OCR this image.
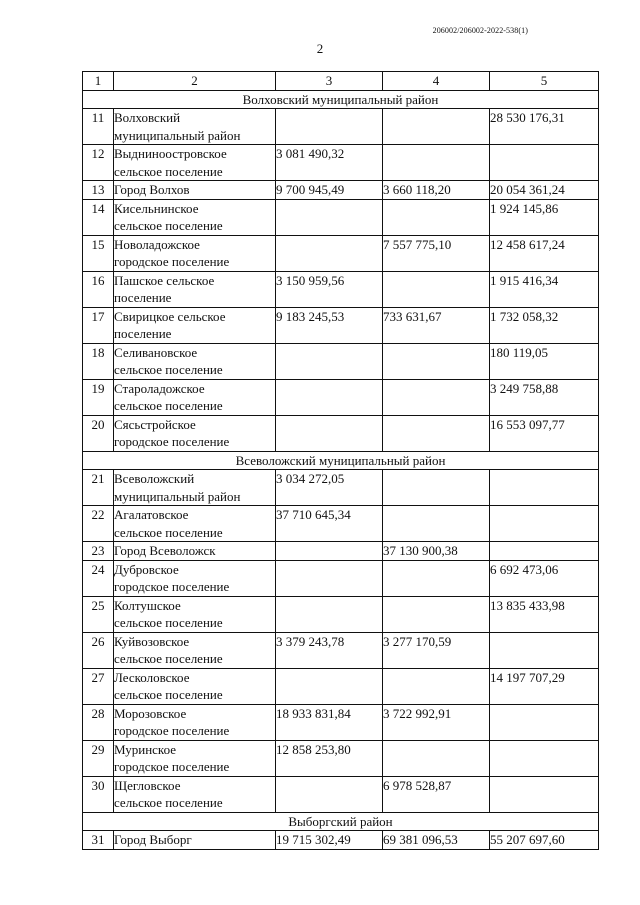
206002/206002-2022-538(1)
2
1	2	3	4	5
Волховский муниципальный район				
11	Волховский
муниципальный район			28 530 176,31
12	Выдниноостровское
сельское поселение	3 081 490,32		
13	Город Волхов	9 700 945,49	3 660 118,20	20 054 361,24
14	Кисельнинское
сельское поселение			1 924 145,86
15	Новоладожское
городское поселение		7 557 775,10	12 458 617,24
16	Пашское сельское
поселение	3 150 959,56		1 915 416,34
17	Свирицкое сельское
поселение	9 183 245,53	733 631,67	1 732 058,32
18	Селивановское
сельское поселение			180 119,05
19	Староладожское
сельское поселение			3 249 758,88
20	Сясьстройское
городское поселение			16 553 097,77
Всеволожский муниципальный район				
21	Всеволожский
муниципальный район	3 034 272,05		
22	Агалатовское
сельское поселение	37 710 645,34		
23	Город Всеволожск		37 130 900,38	
24	Дубровское
городское поселение			6 692 473,06
25	Колтушское
сельское поселение			13 835 433,98
26	Куйвозовское
сельское поселение	3 379 243,78	3 277 170,59	
27	Лесколовское
сельское поселение			14 197 707,29
28	Морозовское
городское поселение	18 933 831,84	3 722 992,91	
29	Муринское
городское поселение	12 858 253,80		
30	Щегловское
сельское поселение		6 978 528,87	
Выборгский район				
31	Город Выборг	19 715 302,49	69 381 096,53	55 207 697,60
